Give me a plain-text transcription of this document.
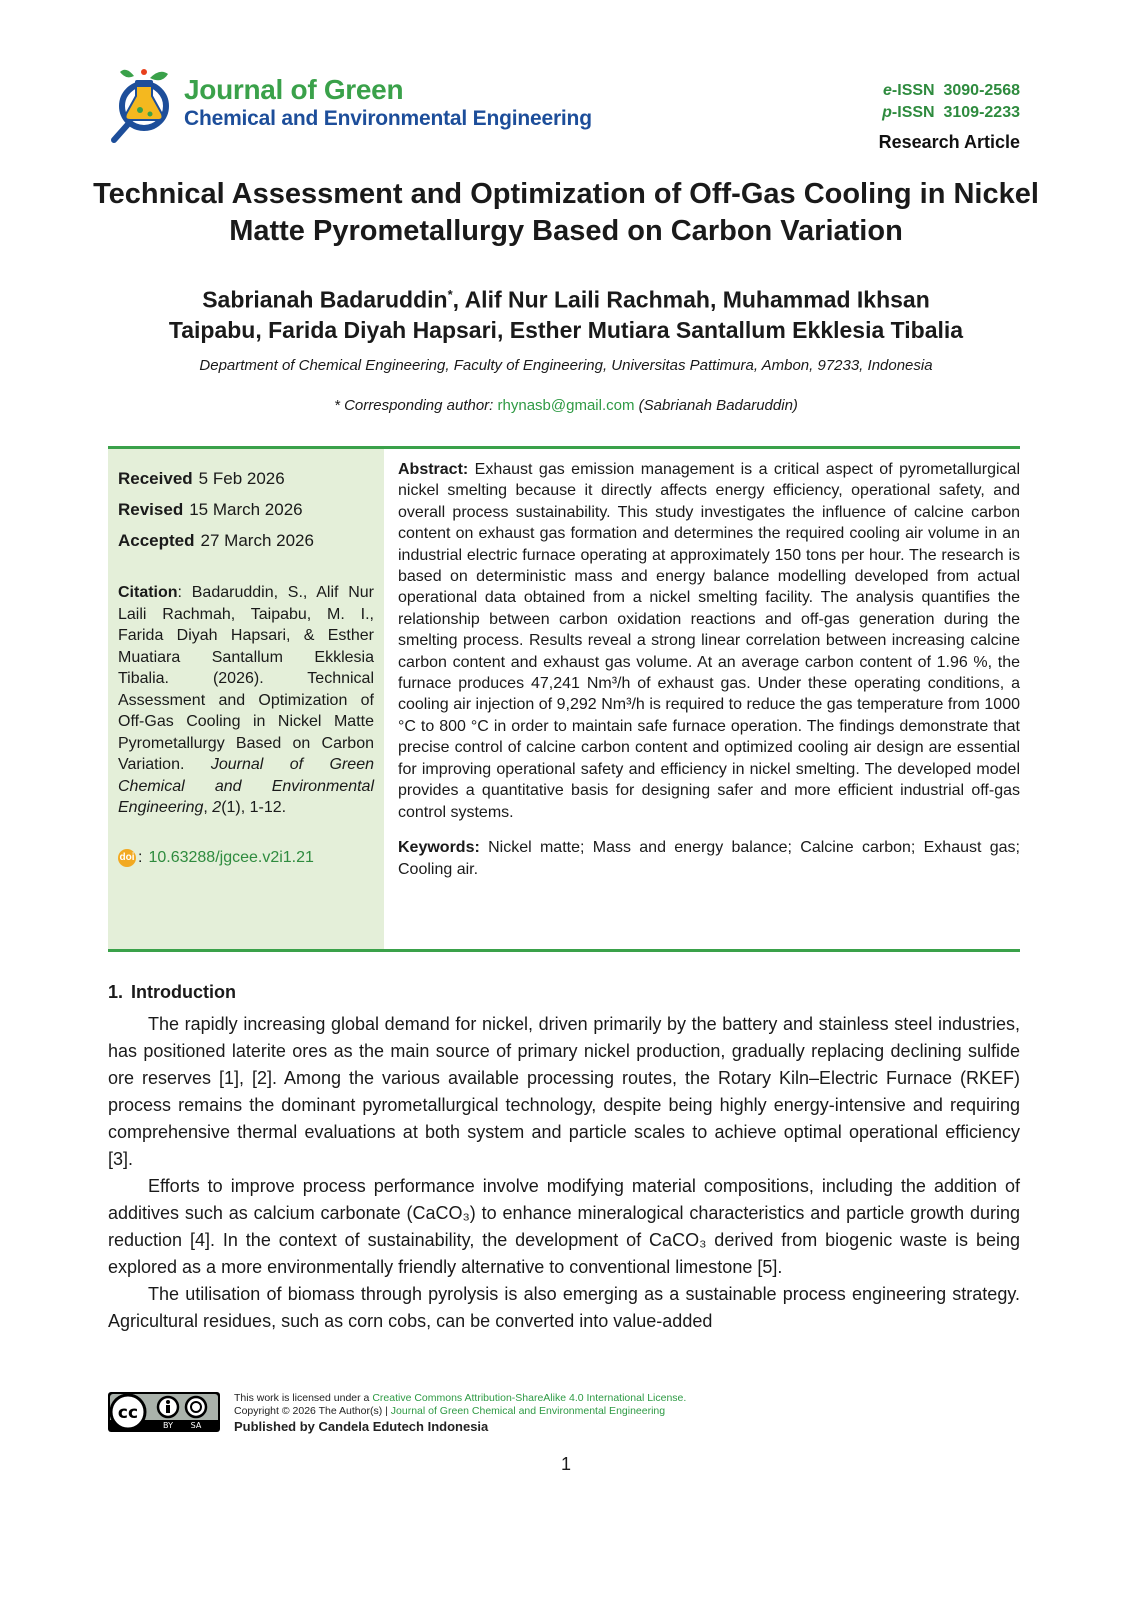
Journal of Green
Chemical and Environmental Engineering
e-ISSN 3090-2568
p-ISSN 3109-2233
Research Article
Technical Assessment and Optimization of Off-Gas Cooling in Nickel Matte Pyrometallurgy Based on Carbon Variation
Sabrianah Badaruddin*, Alif Nur Laili Rachmah, Muhammad Ikhsan
Taipabu, Farida Diyah Hapsari, Esther Mutiara Santallum Ekklesia Tibalia
Department of Chemical Engineering, Faculty of Engineering, Universitas Pattimura, Ambon, 97233, Indonesia
* Corresponding author: rhynasb@gmail.com (Sabrianah Badaruddin)
Received 5 Feb 2026
Revised 15 March 2026
Accepted 27 March 2026
Citation: Badaruddin, S., Alif Nur Laili Rachmah, Taipabu, M. I., Farida Diyah Hapsari, & Esther Muatiara Santallum Ekklesia Tibalia. (2026). Technical Assessment and Optimization of Off-Gas Cooling in Nickel Matte Pyrometallurgy Based on Carbon Variation. Journal of Green Chemical and Environmental Engineering, 2(1), 1-12.
doi : 10.63288/jgcee.v2i1.21
Abstract: Exhaust gas emission management is a critical aspect of pyrometallurgical nickel smelting because it directly affects energy efficiency, operational safety, and overall process sustainability. This study investigates the influence of calcine carbon content on exhaust gas formation and determines the required cooling air volume in an industrial electric furnace operating at approximately 150 tons per hour. The research is based on deterministic mass and energy balance modelling developed from actual operational data obtained from a nickel smelting facility. The analysis quantifies the relationship between carbon oxidation reactions and off-gas generation during the smelting process. Results reveal a strong linear correlation between increasing calcine carbon content and exhaust gas volume. At an average carbon content of 1.96 %, the furnace produces 47,241 Nm³/h of exhaust gas. Under these operating conditions, a cooling air injection of 9,292 Nm³/h is required to reduce the gas temperature from 1000 °C to 800 °C in order to maintain safe furnace operation. The findings demonstrate that precise control of calcine carbon content and optimized cooling air design are essential for improving operational safety and efficiency in nickel smelting. The developed model provides a quantitative basis for designing safer and more efficient industrial off-gas control systems.
Keywords: Nickel matte; Mass and energy balance; Calcine carbon; Exhaust gas; Cooling air.
1. Introduction

The rapidly increasing global demand for nickel, driven primarily by the battery and stainless steel industries, has positioned laterite ores as the main source of primary nickel production, gradually replacing declining sulfide ore reserves [1], [2]. Among the various available processing routes, the Rotary Kiln–Electric Furnace (RKEF) process remains the dominant pyrometallurgical technology, despite being highly energy-intensive and requiring comprehensive thermal evaluations at both system and particle scales to achieve optimal operational efficiency [3].

Efforts to improve process performance involve modifying material compositions, including the addition of additives such as calcium carbonate (CaCO₃) to enhance mineralogical characteristics and particle growth during reduction [4]. In the context of sustainability, the development of CaCO₃ derived from biogenic waste is being explored as a more environmentally friendly alternative to conventional limestone [5].

The utilisation of biomass through pyrolysis is also emerging as a sustainable process engineering strategy. Agricultural residues, such as corn cobs, can be converted into value-added

cc
BY SA
This work is licensed under a Creative Commons Attribution-ShareAlike 4.0 International License.
Copyright © 2026 The Author(s) | Journal of Green Chemical and Environmental Engineering
Published by Candela Edutech Indonesia
1
